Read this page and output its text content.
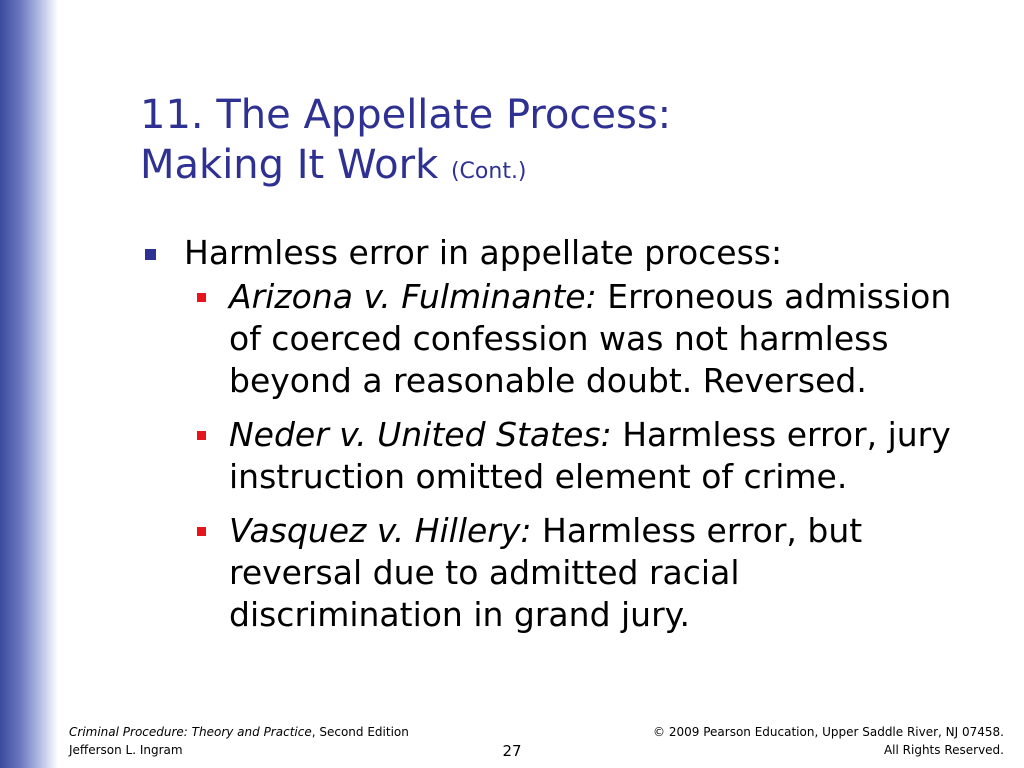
11. The Appellate Process:
Making It Work (Cont.)
Harmless error in appellate process:
Arizona v. Fulminante: Erroneous admission of coerced confession was not harmless beyond a reasonable doubt. Reversed.
Neder v. United States: Harmless error, jury instruction omitted element of crime.
Vasquez v. Hillery: Harmless error, but reversal due to admitted racial discrimination in grand jury.
Criminal Procedure: Theory and Practice, Second Edition
Jefferson L. Ingram	27
© 2009 Pearson Education, Upper Saddle River, NJ 07458.
All Rights Reserved.
